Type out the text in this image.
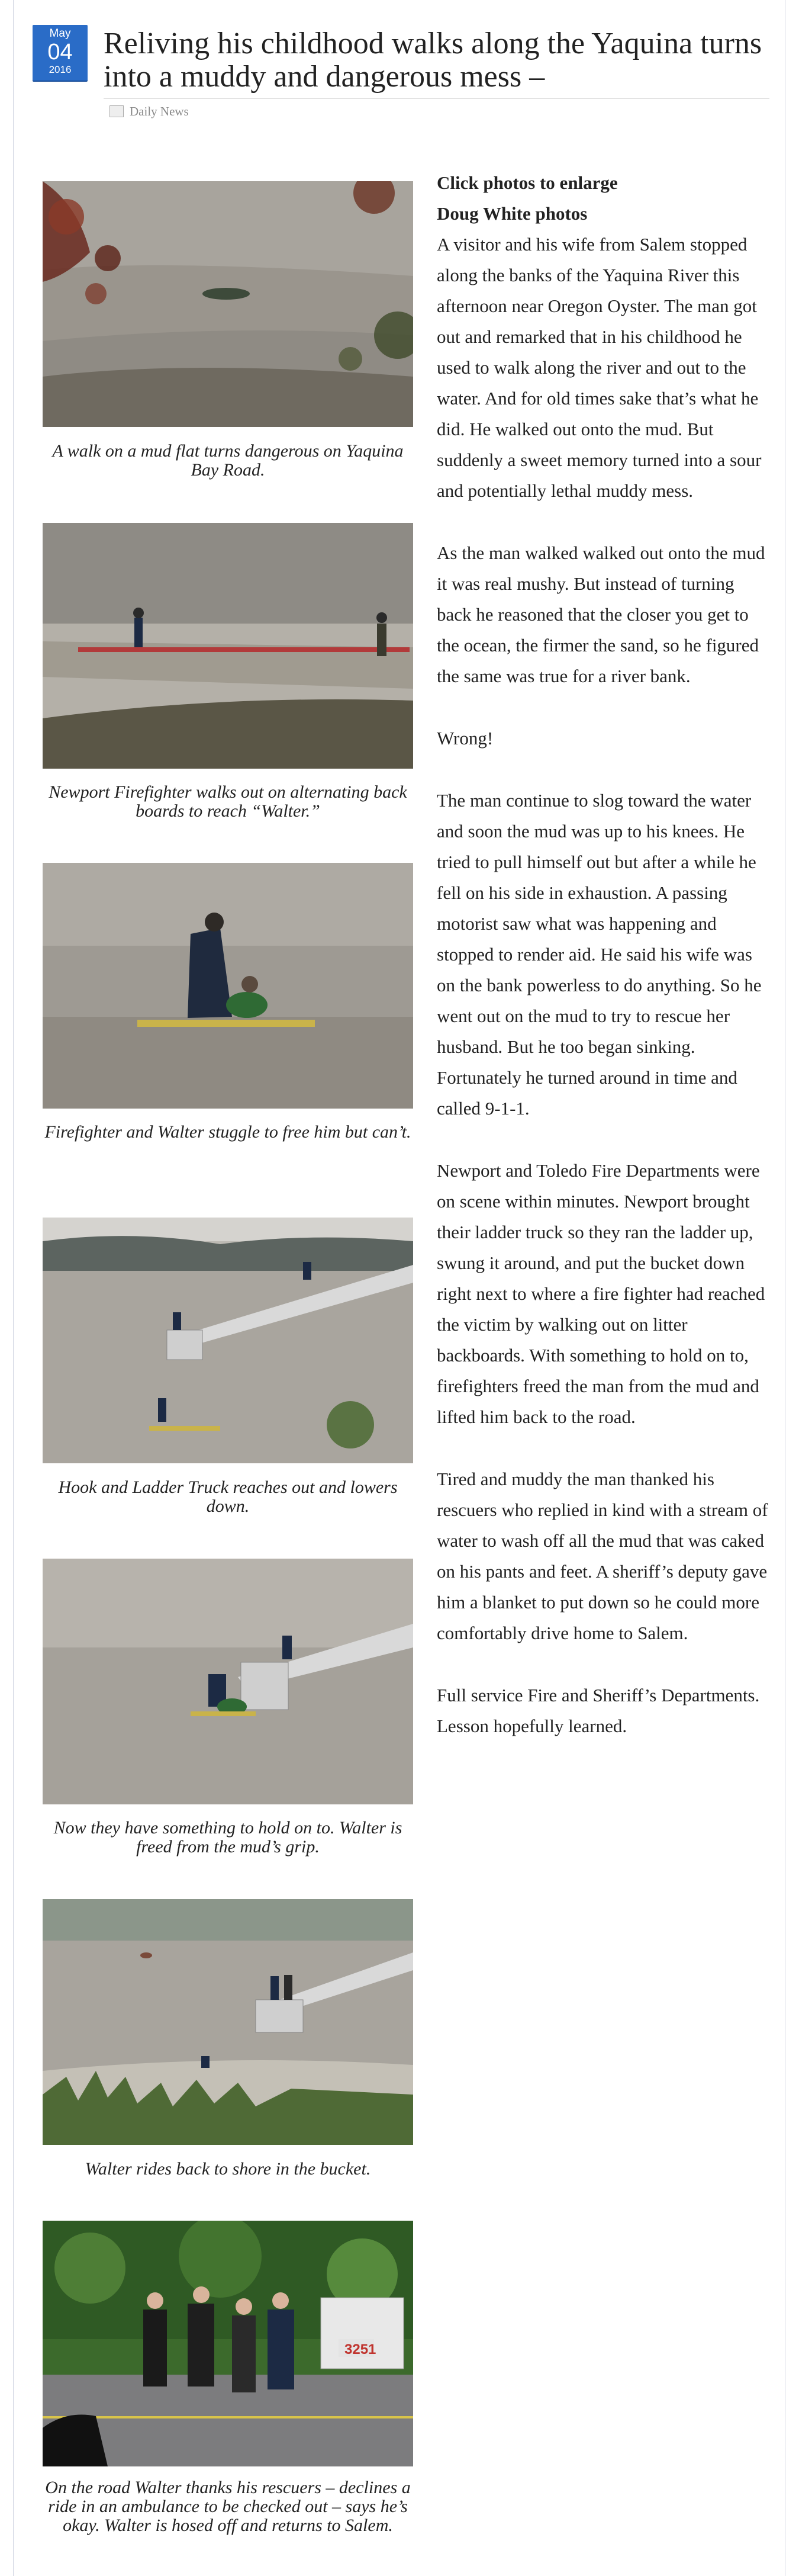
May
04
2016
Reliving his childhood walks along the Yaquina turns into a muddy and dangerous mess –
Daily News

A walk on a mud flat turns dangerous on Yaquina Bay Road.

Newport Firefighter walks out on alternating back boards to reach “Walter.”

Firefighter and Walter stuggle to free him but can’t.

Hook and Ladder Truck reaches out and lowers down.

Now they have something to hold on to. Walter is freed from the mud’s grip.

Walter rides back to shore in the bucket.

3251

On the road Walter thanks his rescuers – declines a ride in an ambulance to be checked out – says he’s okay. Walter is hosed off and returns to Salem.

Click photos to enlarge

Doug White photos

A visitor and his wife from Salem stopped along the banks of the Yaquina River this afternoon near Oregon Oyster. The man got out and remarked that in his childhood he used to walk along the river and out to the water. And for old times sake that’s what he did. He walked out onto the mud. But suddenly a sweet memory turned into a sour and potentially lethal muddy mess.

As the man walked walked out onto the mud it was real mushy. But instead of turning back he reasoned that the closer you get to the ocean, the firmer the sand, so he figured the same was true for a river bank.

Wrong!

The man continue to slog toward the water and soon the mud was up to his knees. He tried to pull himself out but after a while he fell on his side in exhaustion. A passing motorist saw what was happening and stopped to render aid. He said his wife was on the bank powerless to do anything. So he went out on the mud to try to rescue her husband. But he too began sinking. Fortunately he turned around in time and called 9-1-1.

Newport and Toledo Fire Departments were on scene within minutes. Newport brought their ladder truck so they ran the ladder up, swung it around, and put the bucket down right next to where a fire fighter had reached the victim by walking out on litter backboards. With something to hold on to, firefighters freed the man from the mud and lifted him back to the road.

Tired and muddy the man thanked his rescuers who replied in kind with a stream of water to wash off all the mud that was caked on his pants and feet. A sheriff’s deputy gave him a blanket to put down so he could more comfortably drive home to Salem.

Full service Fire and Sheriff’s Departments. Lesson hopefully learned.
